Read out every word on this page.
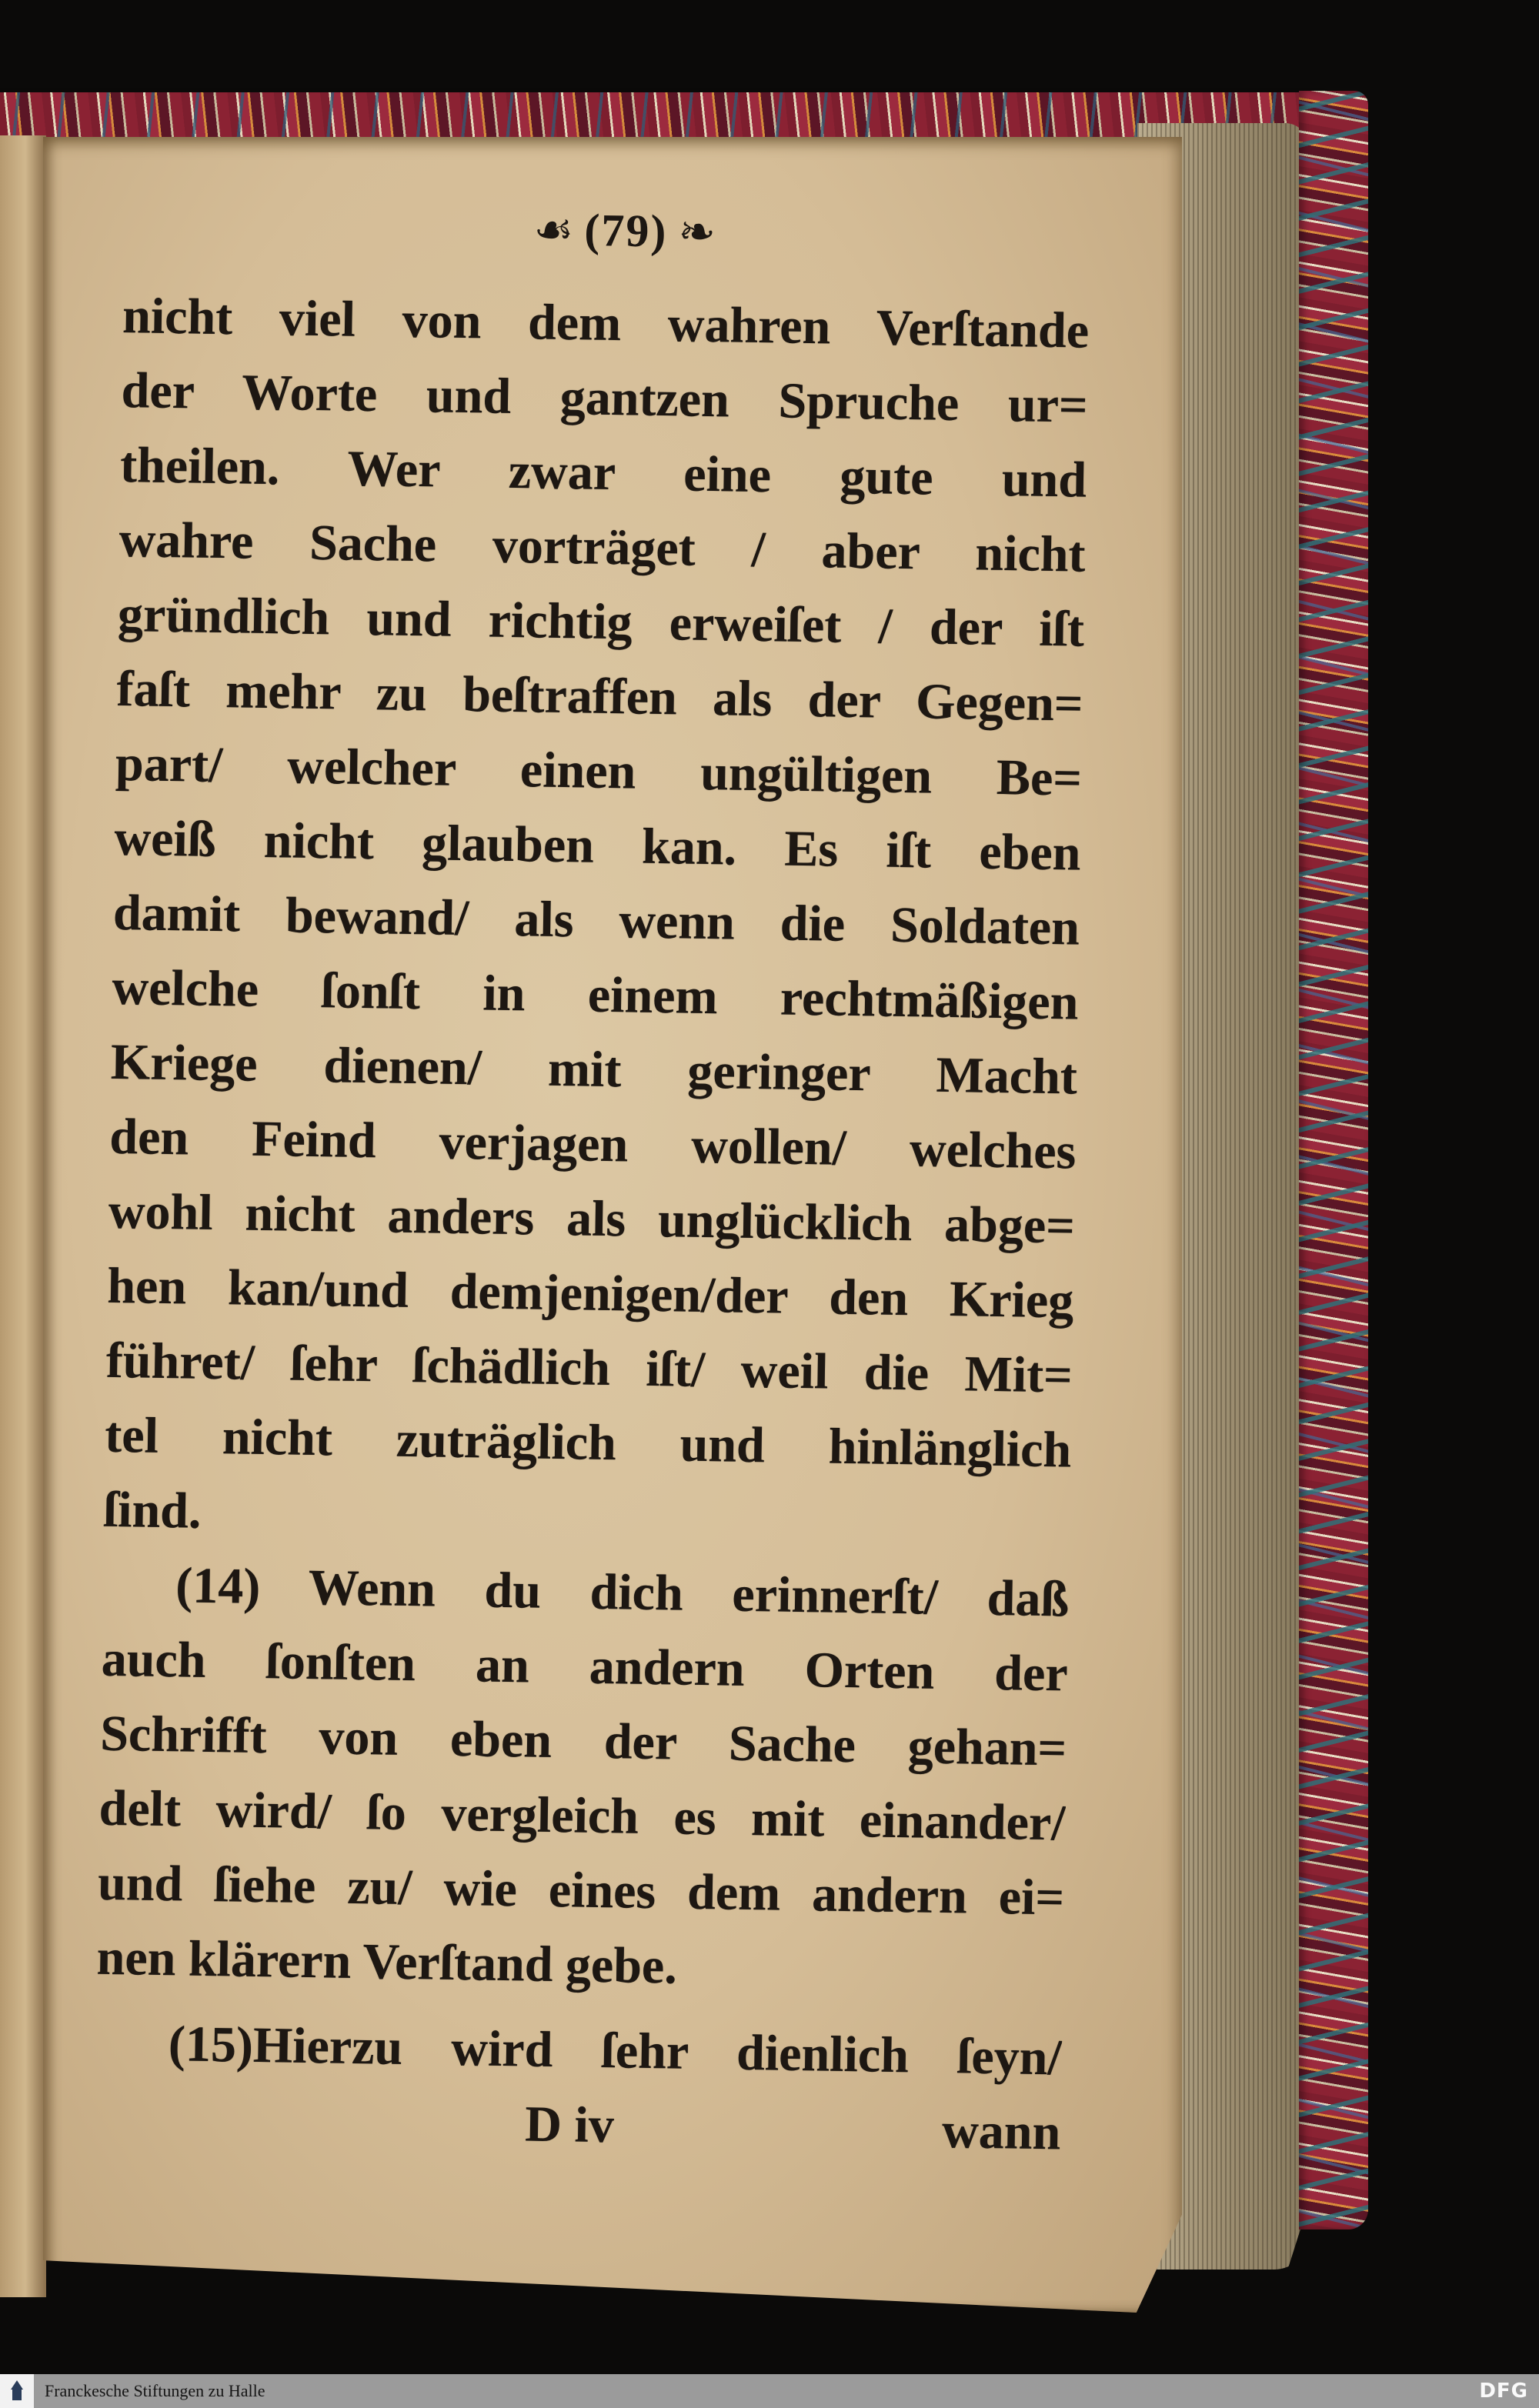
☙
(79)
❧
nicht viel von dem wahren Verſtande
der Worte und gantzen Spruche ur=
theilen. Wer zwar eine gute und
wahre Sache vorträget / aber nicht
gründlich und richtig erweiſet / der iſt
faſt mehr zu beſtraffen als der Gegen=
part/ welcher einen ungültigen Be=
weiß nicht glauben kan. Es iſt eben
damit bewand/ als wenn die Soldaten
welche ſonſt in einem rechtmäßigen
Kriege dienen/ mit geringer Macht
den Feind verjagen wollen/ welches
wohl nicht anders als unglücklich abge=
hen kan/und demjenigen/der den Krieg
führet/ ſehr ſchädlich iſt/ weil die Mit=
tel nicht zuträglich und hinlänglich
ſind.
(14) Wenn du dich erinnerſt/ daß
auch ſonſten an andern Orten der
Schrifft von eben der Sache gehan=
delt wird/ ſo vergleich es mit einander/
und ſiehe zu/ wie eines dem andern ei=
nen klärern Verſtand gebe.
(15)Hierzu wird ſehr dienlich ſeyn/
D iv	wann
Franckesche Stiftungen zu Halle	DFG
